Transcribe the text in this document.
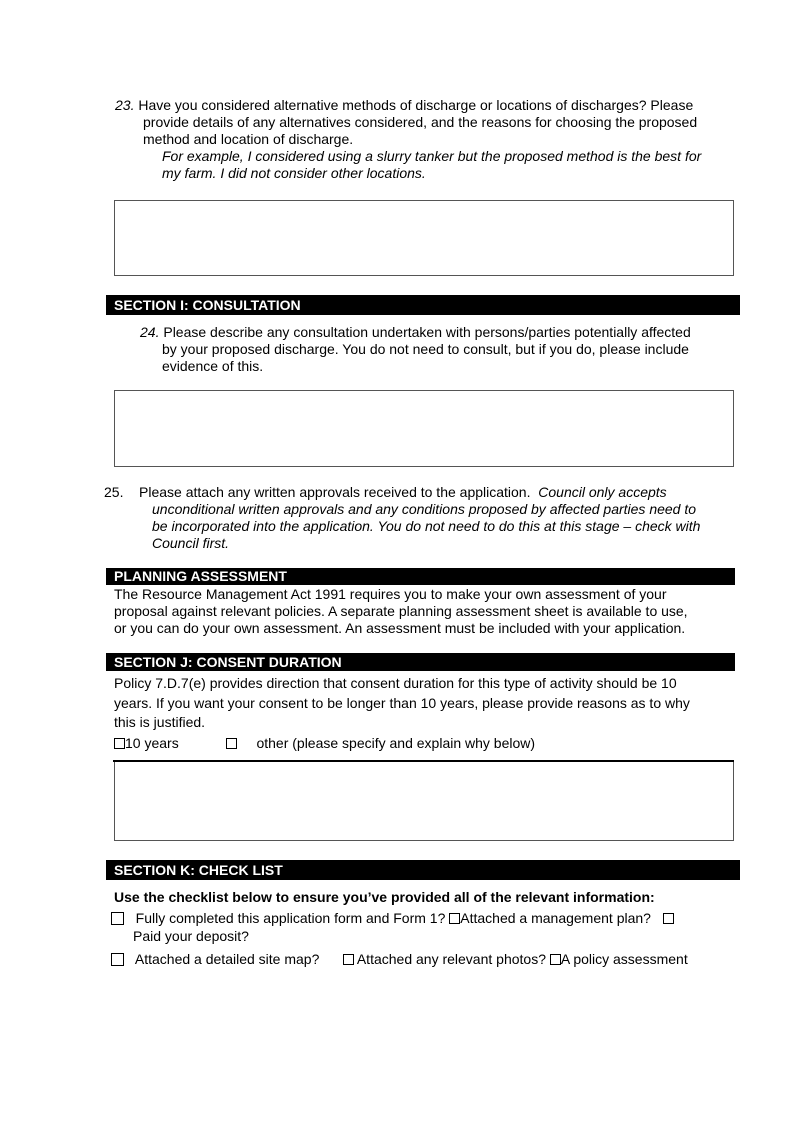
23. Have you considered alternative methods of discharge or locations of discharges? Please
provide details of any alternatives considered, and the reasons for choosing the proposed
method and location of discharge.
For example, I considered using a slurry tanker but the proposed method is the best for
my farm. I did not consider other locations.
SECTION I: CONSULTATION
24. Please describe any consultation undertaken with persons/parties potentially affected
by your proposed discharge. You do not need to consult, but if you do, please include
evidence of this.
25. Please attach any written approvals received to the application. Council only accepts
unconditional written approvals and any conditions proposed by affected parties need to
be incorporated into the application. You do not need to do this at this stage – check with
Council first.
PLANNING ASSESSMENT
The Resource Management Act 1991 requires you to make your own assessment of your
proposal against relevant policies. A separate planning assessment sheet is available to use,
or you can do your own assessment. An assessment must be included with your application.
SECTION J: CONSENT DURATION
Policy 7.D.7(e) provides direction that consent duration for this type of activity should be 10
years. If you want your consent to be longer than 10 years, please provide reasons as to why
this is justified.
10 years	other (please specify and explain why below)
SECTION K: CHECK LIST
Use the checklist below to ensure you’ve provided all of the relevant information:
Fully completed this application form and Form 1? Attached a management plan?
Paid your deposit?
Attached a detailed site map?	Attached any relevant photos? A policy assessment
